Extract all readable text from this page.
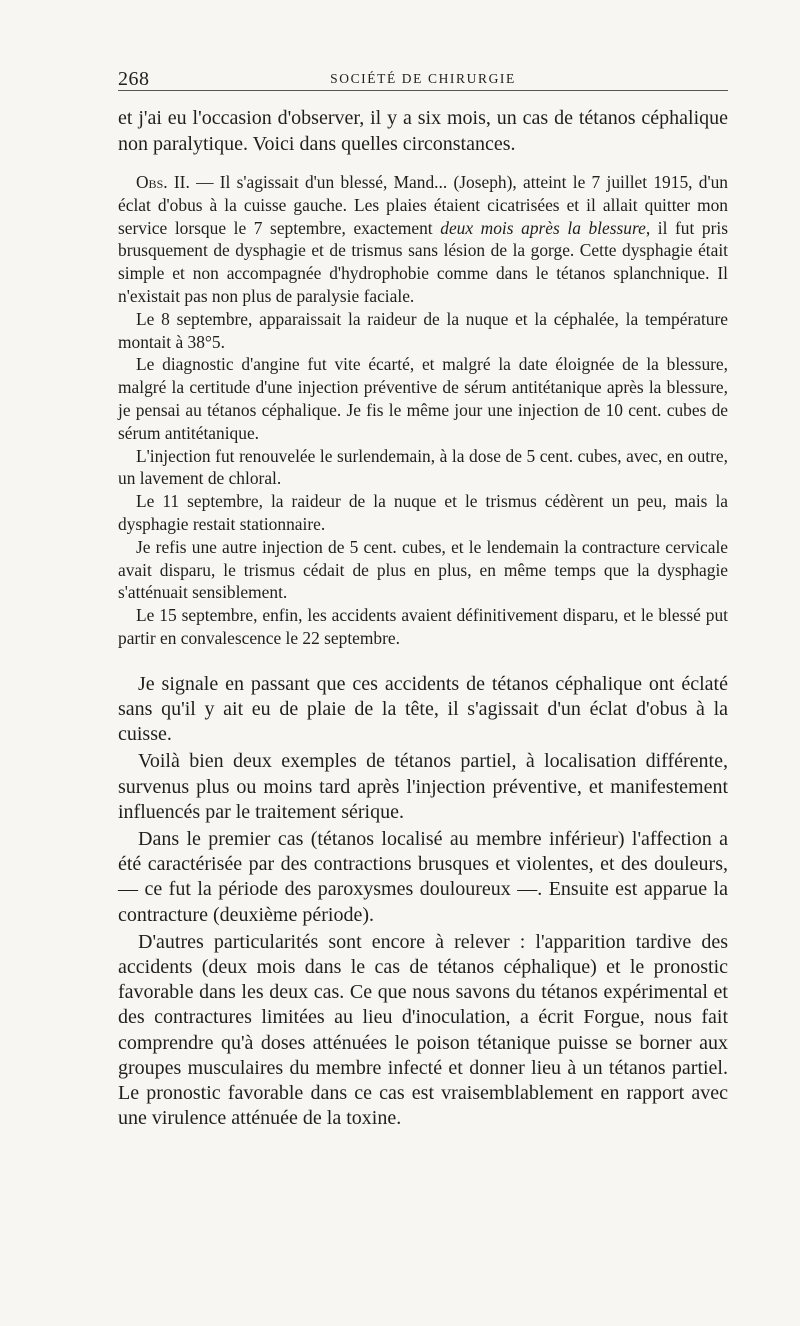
268	SOCIÉTÉ DE CHIRURGIE

et j'ai eu l'occasion d'observer, il y a six mois, un cas de tétanos céphalique non paralytique. Voici dans quelles circonstances.

Obs. II. — Il s'agissait d'un blessé, Mand... (Joseph), atteint le 7 juillet 1915, d'un éclat d'obus à la cuisse gauche. Les plaies étaient cicatrisées et il allait quitter mon service lorsque le 7 septembre, exactement deux mois après la blessure, il fut pris brusquement de dysphagie et de trismus sans lésion de la gorge. Cette dysphagie était simple et non accompagnée d'hydrophobie comme dans le tétanos splanchnique. Il n'existait pas non plus de paralysie faciale.

Le 8 septembre, apparaissait la raideur de la nuque et la céphalée, la température montait à 38°5.

Le diagnostic d'angine fut vite écarté, et malgré la date éloignée de la blessure, malgré la certitude d'une injection préventive de sérum antitétanique après la blessure, je pensai au tétanos céphalique. Je fis le même jour une injection de 10 cent. cubes de sérum antitétanique.

L'injection fut renouvelée le surlendemain, à la dose de 5 cent. cubes, avec, en outre, un lavement de chloral.

Le 11 septembre, la raideur de la nuque et le trismus cédèrent un peu, mais la dysphagie restait stationnaire.

Je refis une autre injection de 5 cent. cubes, et le lendemain la contracture cervicale avait disparu, le trismus cédait de plus en plus, en même temps que la dysphagie s'atténuait sensiblement.

Le 15 septembre, enfin, les accidents avaient définitivement disparu, et le blessé put partir en convalescence le 22 septembre.

Je signale en passant que ces accidents de tétanos céphalique ont éclaté sans qu'il y ait eu de plaie de la tête, il s'agissait d'un éclat d'obus à la cuisse.

Voilà bien deux exemples de tétanos partiel, à localisation différente, survenus plus ou moins tard après l'injection préventive, et manifestement influencés par le traitement sérique.

Dans le premier cas (tétanos localisé au membre inférieur) l'affection a été caractérisée par des contractions brusques et violentes, et des douleurs, — ce fut la période des paroxysmes douloureux —. Ensuite est apparue la contracture (deuxième période).

D'autres particularités sont encore à relever : l'apparition tardive des accidents (deux mois dans le cas de tétanos céphalique) et le pronostic favorable dans les deux cas. Ce que nous savons du tétanos expérimental et des contractures limitées au lieu d'inoculation, a écrit Forgue, nous fait comprendre qu'à doses atténuées le poison tétanique puisse se borner aux groupes musculaires du membre infecté et donner lieu à un tétanos partiel. Le pronostic favorable dans ce cas est vraisemblablement en rapport avec une virulence atténuée de la toxine.
